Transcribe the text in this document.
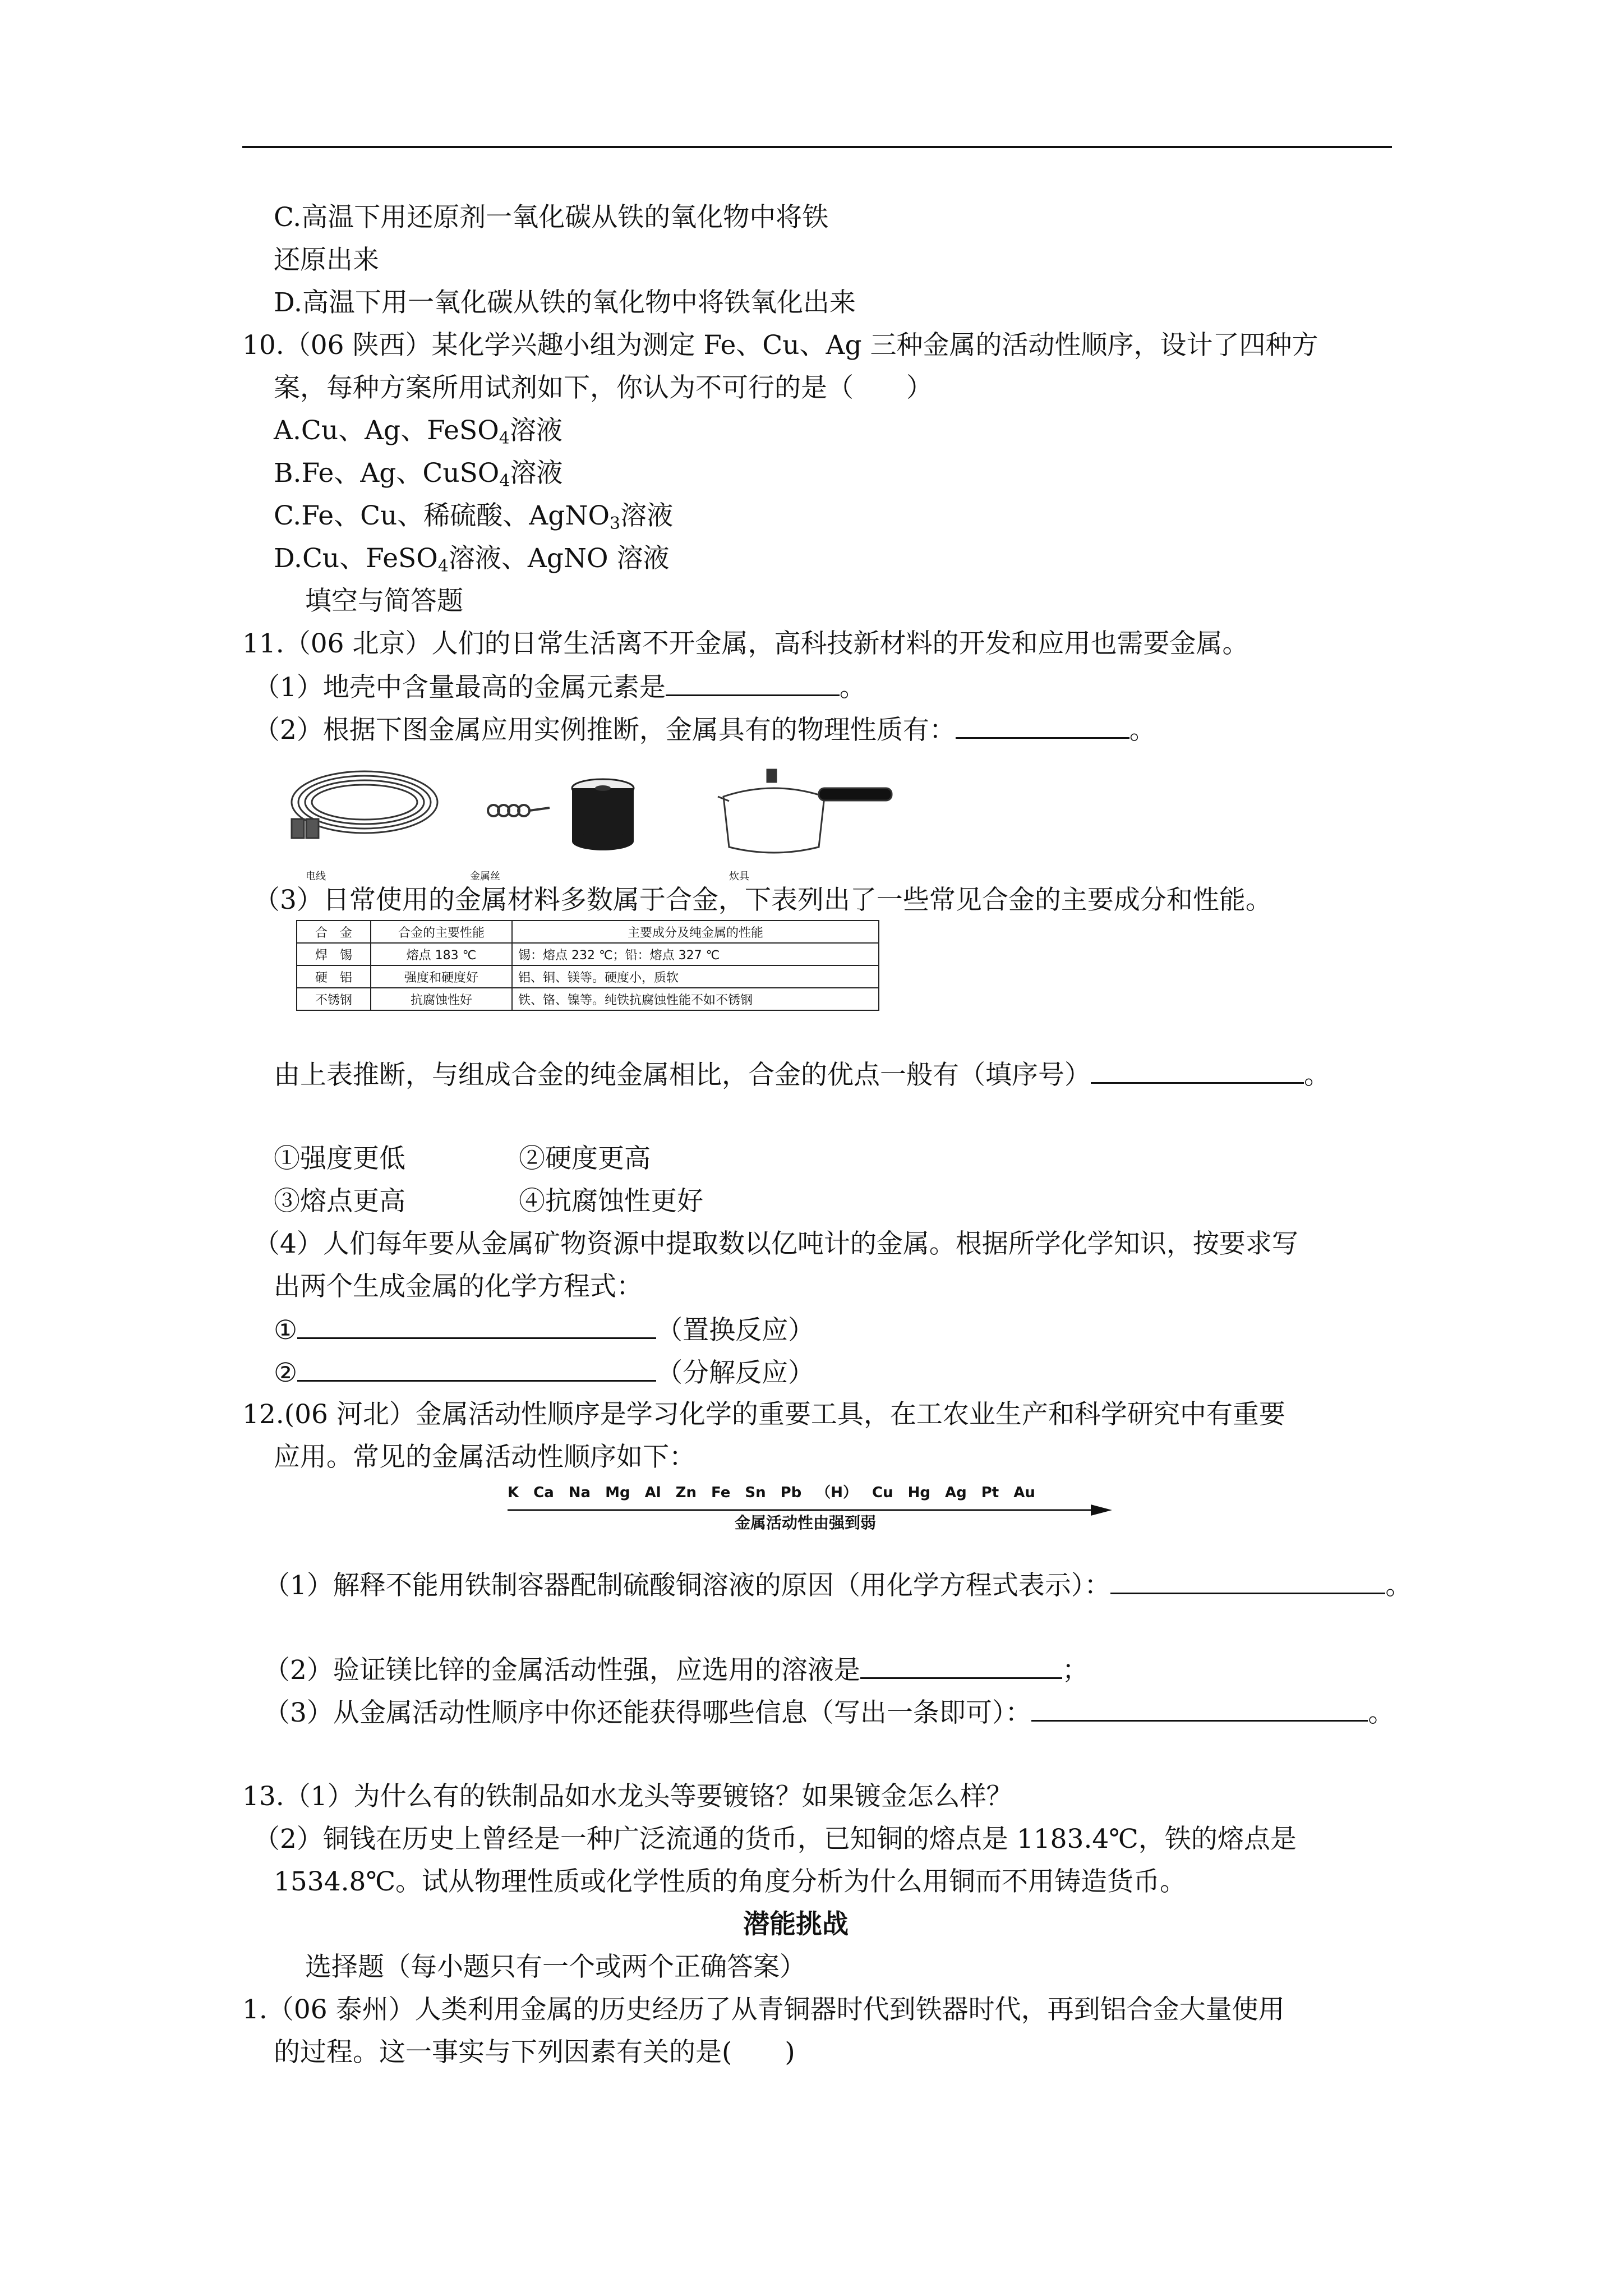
C.高温下用还原剂一氧化碳从铁的氧化物中将铁
还原出来
D.高温下用一氧化碳从铁的氧化物中将铁氧化出来
10.（06 陕西）某化学兴趣小组为测定 Fe、Cu、Ag 三种金属的活动性顺序，设计了四种方
案，每种方案所用试剂如下，你认为不可行的是（　　）
A.Cu、Ag、FeSO$_4$溶液
B.Fe、Ag、CuSO$_4$溶液
C.Fe、Cu、稀硫酸、AgNO$_3$溶液
D.Cu、FeSO$_4$溶液、AgNO 溶液
填空与简答题
11.（06 北京）人们的日常生活离不开金属，高科技新材料的开发和应用也需要金属。
（1）地壳中含量最高的金属元素是	。
（2）根据下图金属应用实例推断，金属具有的物理性质有：	。
电线	金属丝	炊具
（3）日常使用的金属材料多数属于合金，下表列出了一些常见合金的主要成分和性能。
合　金	合金的主要性能	主要成分及纯金属的性能
焊　锡	熔点 183 ℃	锡：熔点 232 ℃；铅：熔点 327 ℃
硬　铝	强度和硬度好	铝、铜、镁等。硬度小，质软
不锈钢	抗腐蚀性好	铁、铬、镍等。纯铁抗腐蚀性能不如不锈钢
由上表推断，与组成合金的纯金属相比，合金的优点一般有（填序号）	。
①强度更低	②硬度更高
③熔点更高	④抗腐蚀性更好
（4）人们每年要从金属矿物资源中提取数以亿吨计的金属。根据所学化学知识，按要求写
出两个生成金属的化学方程式：
①	（置换反应）
②	（分解反应）
12.(06 河北）金属活动性顺序是学习化学的重要工具，在工农业生产和科学研究中有重要
应用。常见的金属活动性顺序如下：
K Ca Na Mg Al Zn Fe Sn Pb （H） Cu Hg Ag Pt Au
金属活动性由强到弱
（1）解释不能用铁制容器配制硫酸铜溶液的原因（用化学方程式表示）：	。
（2）验证镁比锌的金属活动性强，应选用的溶液是	；
（3）从金属活动性顺序中你还能获得哪些信息（写出一条即可）：	。
13.（1）为什么有的铁制品如水龙头等要镀铬？如果镀金怎么样？
（2）铜钱在历史上曾经是一种广泛流通的货币，已知铜的熔点是 1183.4℃，铁的熔点是
1534.8℃。试从物理性质或化学性质的角度分析为什么用铜而不用铸造货币。
潜能挑战
选择题（每小题只有一个或两个正确答案）
1.（06 泰州）人类利用金属的历史经历了从青铜器时代到铁器时代，再到铝合金大量使用
的过程。这一事实与下列因素有关的是(　　)
